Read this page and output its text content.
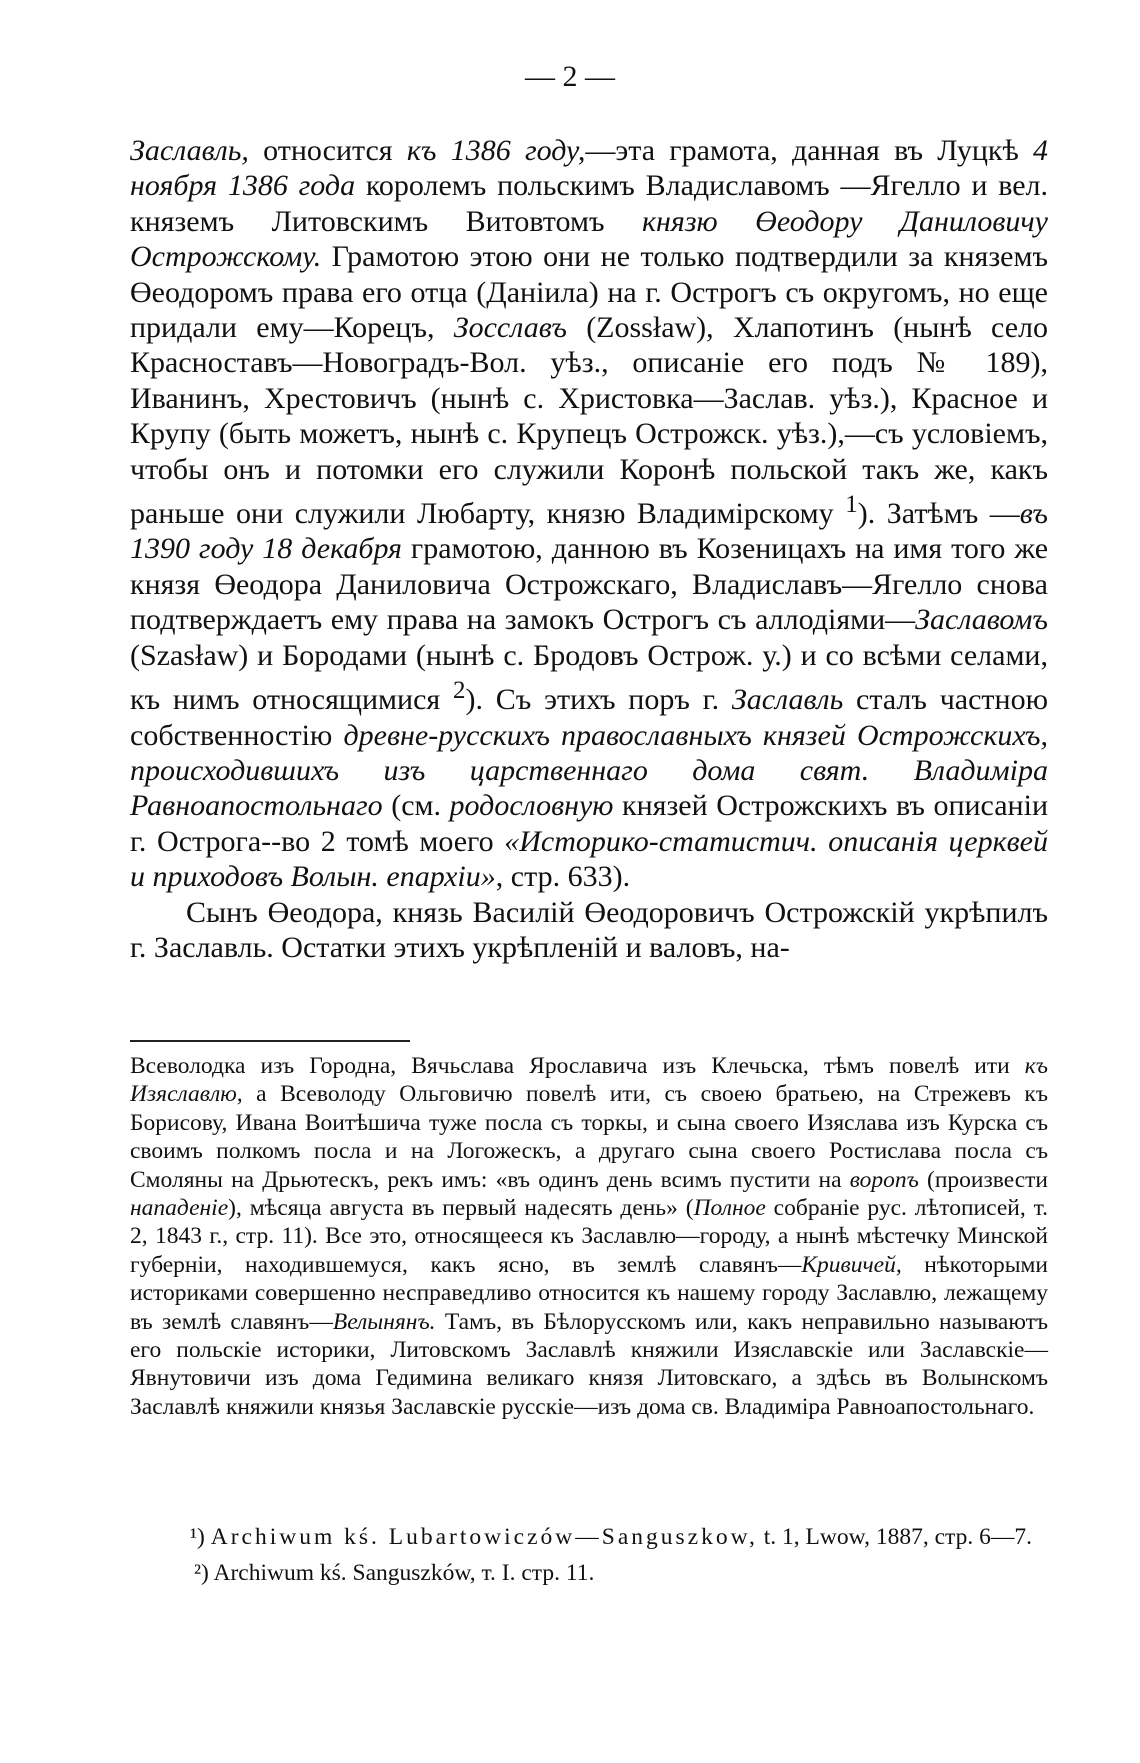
— 2 —

Заславль, относится къ 1386 году,—эта грамота, данная въ Луцкѣ 4 ноября 1386 года королемъ польскимъ Владиславомъ —Ягелло и вел. княземъ Литовскимъ Витовтомъ князю Өеодору Даниловичу Острожскому. Грамотою этою они не только подтвердили за княземъ Өеодоромъ права его отца (Даніила) на г. Острогъ съ округомъ, но еще придали ему—Корецъ, Зосславъ (Zossław), Хлапотинъ (нынѣ село Красноставъ—Новоградъ-Вол. уѣз., описаніе его подъ № 189), Иванинъ, Хрестовичъ (нынѣ с. Христовка—Заслав. уѣз.), Красное и Крупу (быть можетъ, нынѣ с. Крупецъ Острожск. уѣз.),—съ условіемъ, чтобы онъ и потомки его служили Коронѣ польской такъ же, какъ раньше они служили Любарту, князю Владимірскому $^1$). Затѣмъ —въ 1390 году 18 декабря грамотою, данною въ Козеницахъ на имя того же князя Өеодора Даниловича Острожскаго, Владиславъ—Ягелло снова подтверждаетъ ему права на замокъ Острогъ съ аллодіями—Заславомъ (Szasław) и Бородами (нынѣ с. Бродовъ Острож. у.) и со всѣми селами, къ нимъ относящимися $^2$). Съ этихъ поръ г. Заславль сталъ частною собственностію древне-русскихъ православныхъ князей Острожскихъ, происходившихъ изъ царственнаго дома свят. Владиміра Равноапостольнаго (см. родословную князей Острожскихъ въ описаніи г. Острога--во 2 томѣ моего «Историко-статистич. описанія церквей и приходовъ Волын. епархіи», стр. 633).

Сынъ Өеодора, князь Василій Өеодоровичъ Острожскій укрѣпилъ г. Заславль. Остатки этихъ укрѣпленій и валовъ, на-

Всеволодка изъ Городна, Вячьслава Ярославича изъ Клечьска, тѣмъ повелѣ ити къ Изяславлю, а Всеволоду Ольговичю повелѣ ити, съ своею братьею, на Стрежевъ къ Борисову, Ивана Воитѣшича туже посла съ торкы, и сына своего Изяслава изъ Курска съ своимъ полкомъ посла и на Логожескъ, а другаго сына своего Ростислава посла съ Смоляны на Дрьютескъ, рекъ имъ: «въ одинъ день всимъ пустити на воропъ (произвести нападеніе), мѣсяца августа въ первый надесять день» (Полное собраніе рус. лѣтописей, т. 2, 1843 г., стр. 11). Все это, относящееся къ Заславлю—городу, а нынѣ мѣстечку Минской губерніи, находившемуся, какъ ясно, въ землѣ славянъ—Кривичей, нѣкоторыми историками совершенно несправедливо относится къ нашему городу Заславлю, лежащему въ землѣ славянъ—Велынянъ. Тамъ, въ Бѣлорусскомъ или, какъ неправильно называютъ его польскіе историки, Литовскомъ Заславлѣ княжили Изяславскіе или Заславскіе—Явнутовичи изъ дома Гедимина великаго князя Литовскаго, а здѣсь въ Волынскомъ Заславлѣ княжили князья Заславскіе русскіе—изъ дома св. Владиміра Равноапостольнаго.

¹) Archiwum kś. Lubartowiczów—Sanguszkow, t. 1, Lwow, 1887, стр. 6—7.

²) Archiwum kś. Sanguszków, т. I. стр. 11.
